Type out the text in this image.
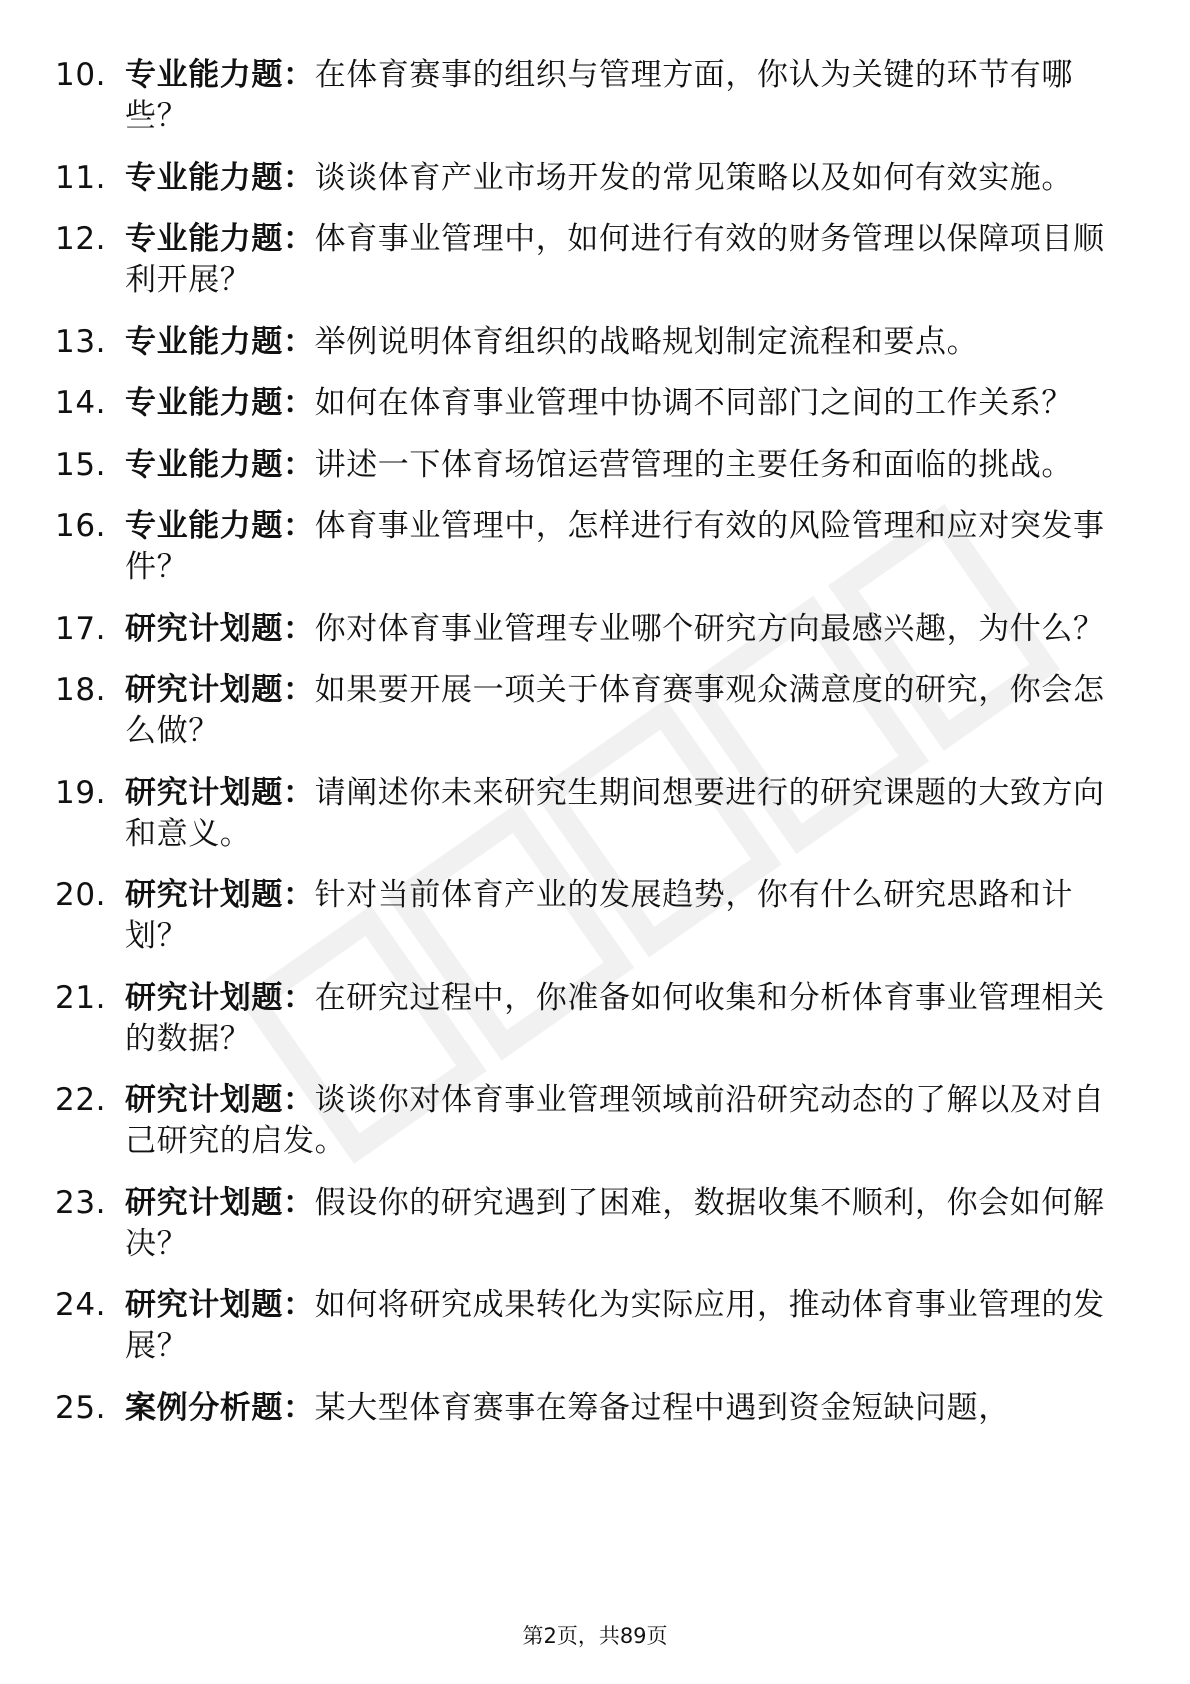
10. 专业能力题：在体育赛事的组织与管理方面，你认为关键的环节有哪些？
11. 专业能力题：谈谈体育产业市场开发的常见策略以及如何有效实施。
12. 专业能力题：体育事业管理中，如何进行有效的财务管理以保障项目顺利开展？
13. 专业能力题：举例说明体育组织的战略规划制定流程和要点。
14. 专业能力题：如何在体育事业管理中协调不同部门之间的工作关系？
15. 专业能力题：讲述一下体育场馆运营管理的主要任务和面临的挑战。
16. 专业能力题：体育事业管理中，怎样进行有效的风险管理和应对突发事件？
17. 研究计划题：你对体育事业管理专业哪个研究方向最感兴趣，为什么？
18. 研究计划题：如果要开展一项关于体育赛事观众满意度的研究，你会怎么做？
19. 研究计划题：请阐述你未来研究生期间想要进行的研究课题的大致方向和意义。
20. 研究计划题：针对当前体育产业的发展趋势，你有什么研究思路和计划？
21. 研究计划题：在研究过程中，你准备如何收集和分析体育事业管理相关的数据？
22. 研究计划题：谈谈你对体育事业管理领域前沿研究动态的了解以及对自己研究的启发。
23. 研究计划题：假设你的研究遇到了困难，数据收集不顺利，你会如何解决？
24. 研究计划题：如何将研究成果转化为实际应用，推动体育事业管理的发展？
25. 案例分析题：某大型体育赛事在筹备过程中遇到资金短缺问题，
第2页，共89页
